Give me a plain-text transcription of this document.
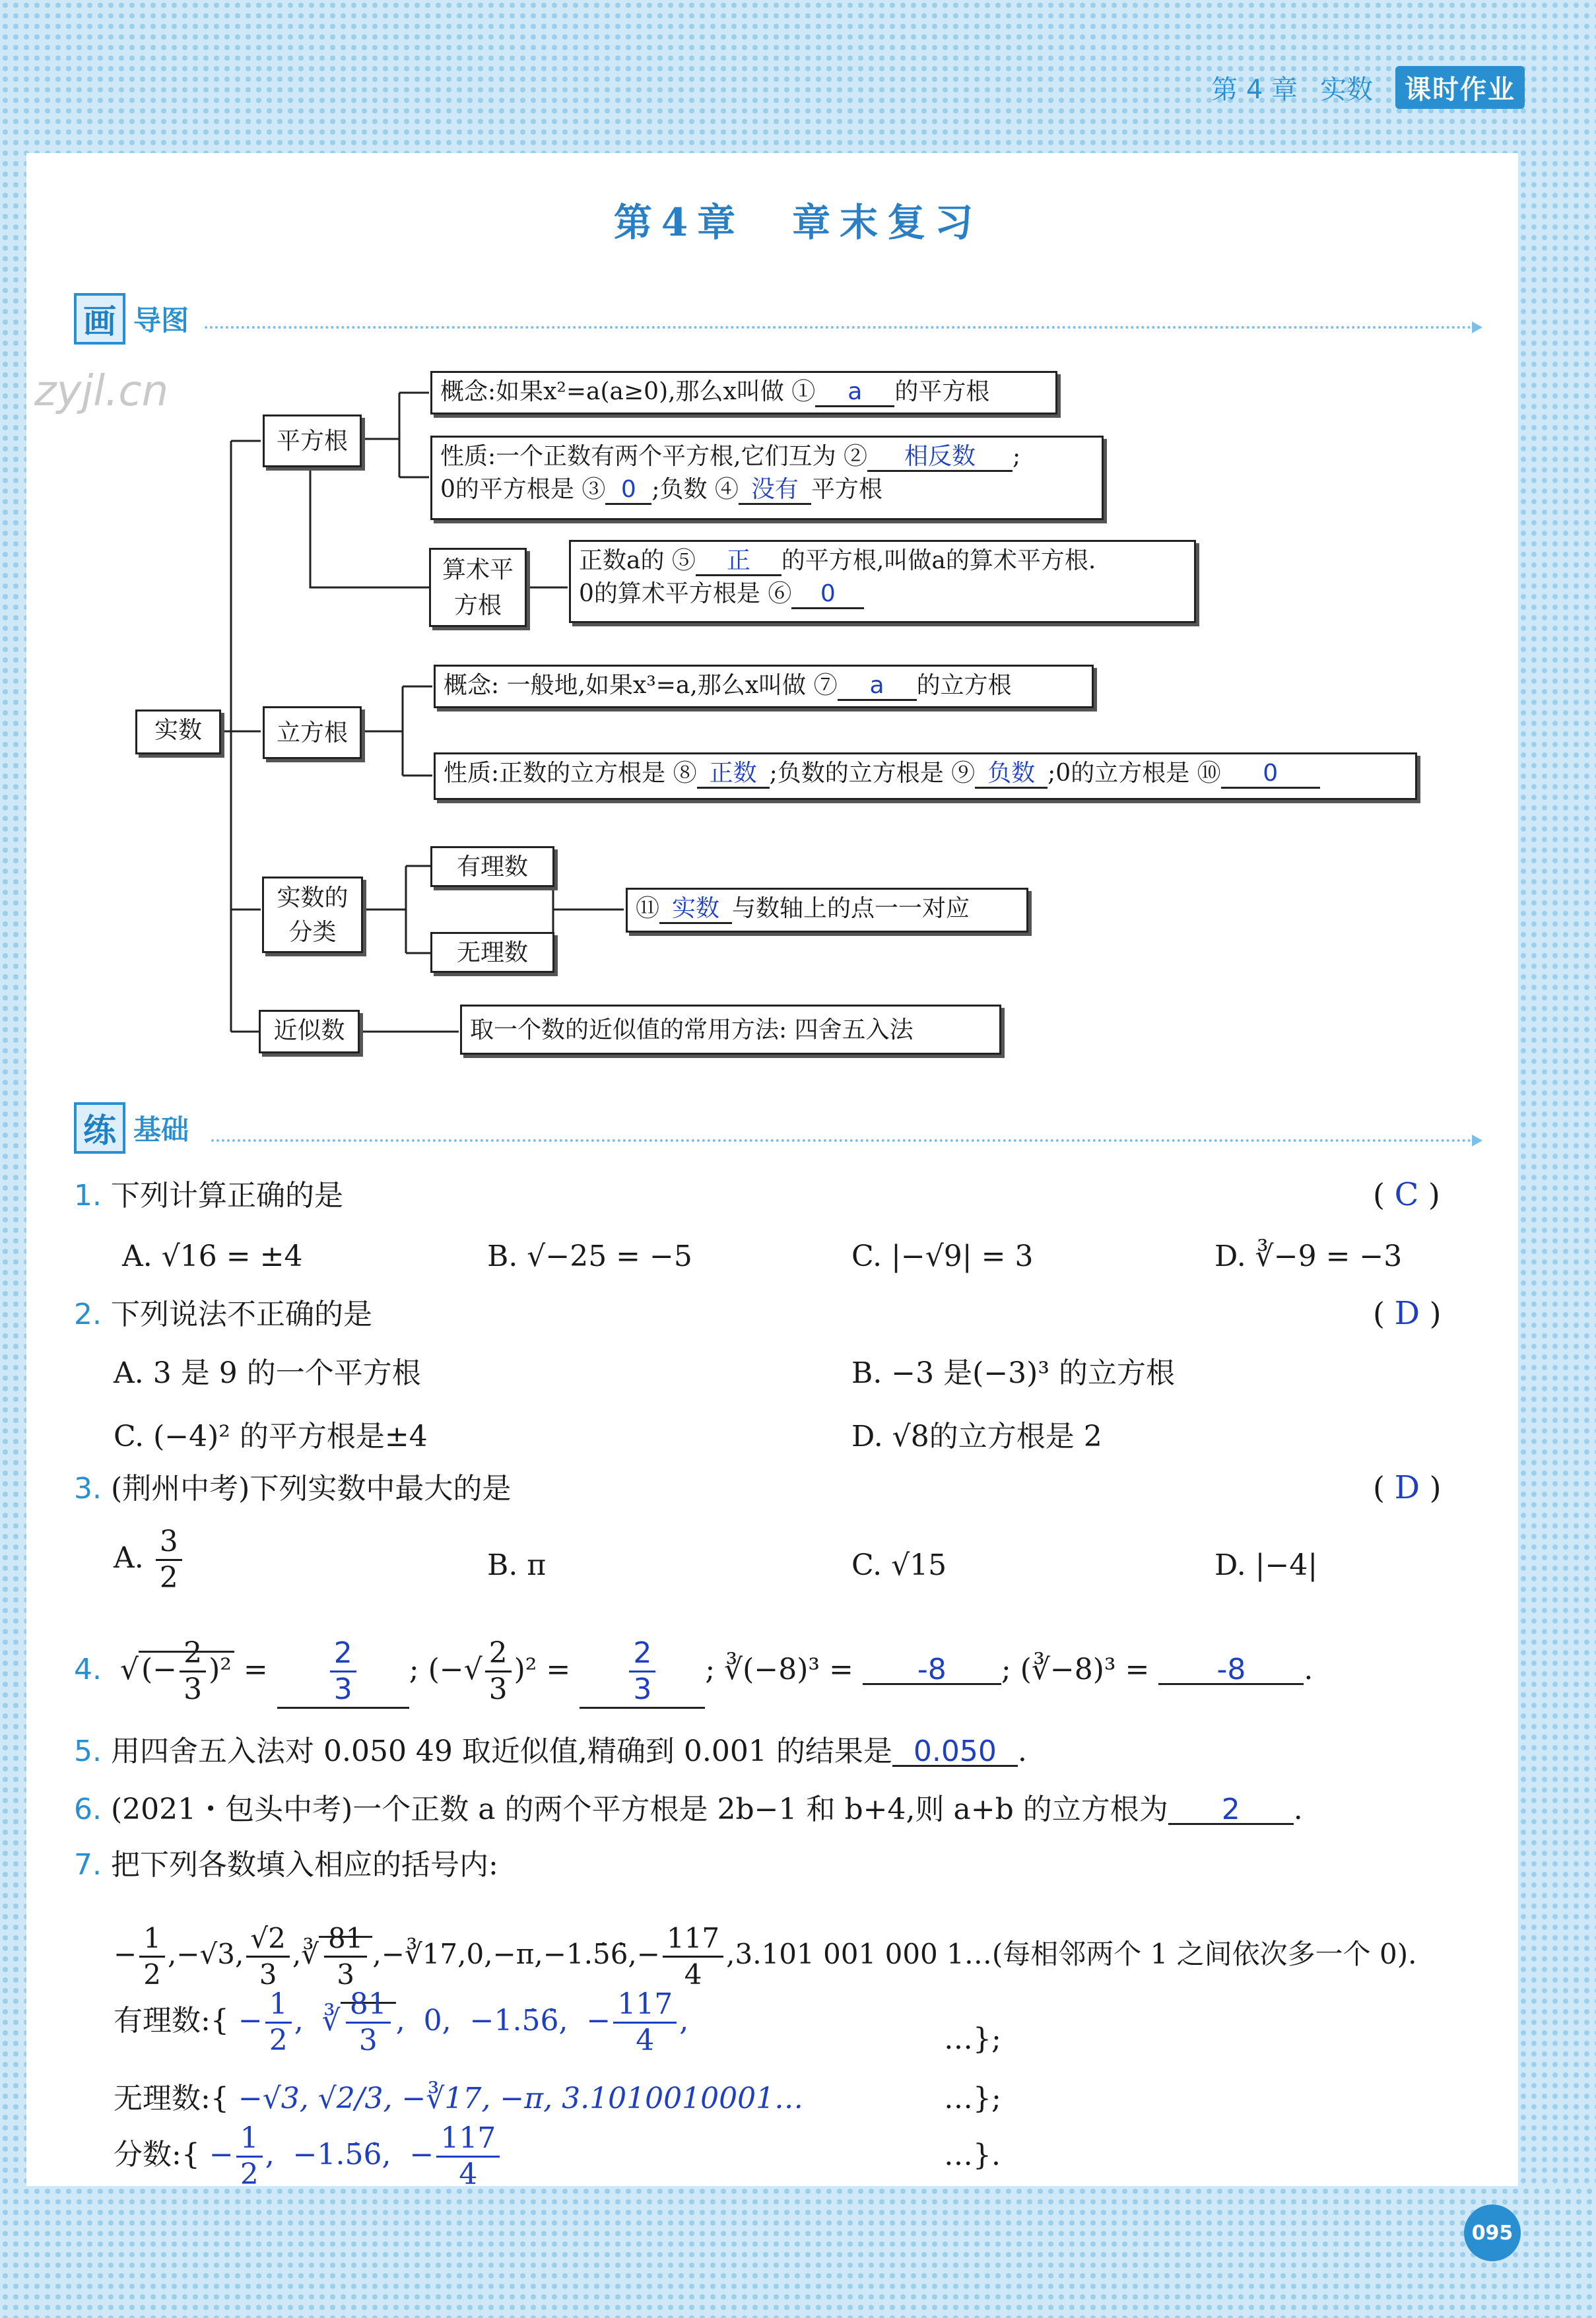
第 4 章 实数	课时作业
第4章　章末复习
画 导图
zyjl.cn
实数
平方根
概念:如果x²=a(a≥0),那么x叫做 ① a 的平方根
性质:一个正数有两个平方根,它们互为 ② 相反数 ;
0的平方根是 ③ 0 ;负数 ④ 没有 平方根
算术平
方根
正数a的 ⑤ 正 的平方根,叫做a的算术平方根.
0的算术平方根是 ⑥ 0
立方根
概念: 一般地,如果x³=a,那么x叫做 ⑦ a 的立方根
性质:正数的立方根是 ⑧ 正数 ;负数的立方根是 ⑨ 负数 ;0的立方根是 ⑩ 0
实数的
分类
有理数
无理数
⑪ 实数 与数轴上的点一一对应
近似数	取一个数的近似值的常用方法: 四舍五入法
练 基础
1. 下列计算正确的是	( C )
A. √16 = ±4	B. √−25 = −5	C. |−√9| = 3	D. ∛−9 = −3
2. 下列说法不正确的是	( D )
A. 3 是 9 的一个平方根	B. −3 是(−3)³ 的立方根
C. (−4)² 的平方根是±4	D. √8的立方根是 2
3. (荆州中考)下列实数中最大的是	( D )
A. $\frac{3}{2}$	B. π	C. √15	D. |−4|
4. √(− $\frac{2}{3} )^2 = \frac{2}{3}$ ; (−√ $\frac{2}{3} )^2 = \frac{2}{3}$ ; ∛(−8)³ = -8 ; (∛−8)³ = -8 .
5. 用四舍五入法对 0.050 49 取近似值,精确到 0.001 的结果是 0.050 .
6. (2021・包头中考)一个正数 a 的两个平方根是 2b−1 和 b+4,则 a+b 的立方根为 2 .
7. 把下列各数填入相应的括号内:
− $\frac{1}{2} ,-√3$, $\frac{√2}{3}$ ,∛ $\frac{81}{3}$ ,−∛17,0,−π,−1.5̇6̇,− $\frac{117}{4} ,3.101$ 001 000 1…(每相邻两个 1 之间依次多一个 0).
有理数:{ − $\frac{1}{2}$ ,  ∛ $\frac{81}{3}$ ,  0,  −1.5̇6̇,  − $\frac{117}{4}$ ,
…};
无理数:{ −√3, √2/3, −∛17, −π, 3.1010010001…	…};
分数:{ − $\frac{1}{2}$ ,  −1.5̇6̇,  − $\frac{117}{4}$	…}.
095
